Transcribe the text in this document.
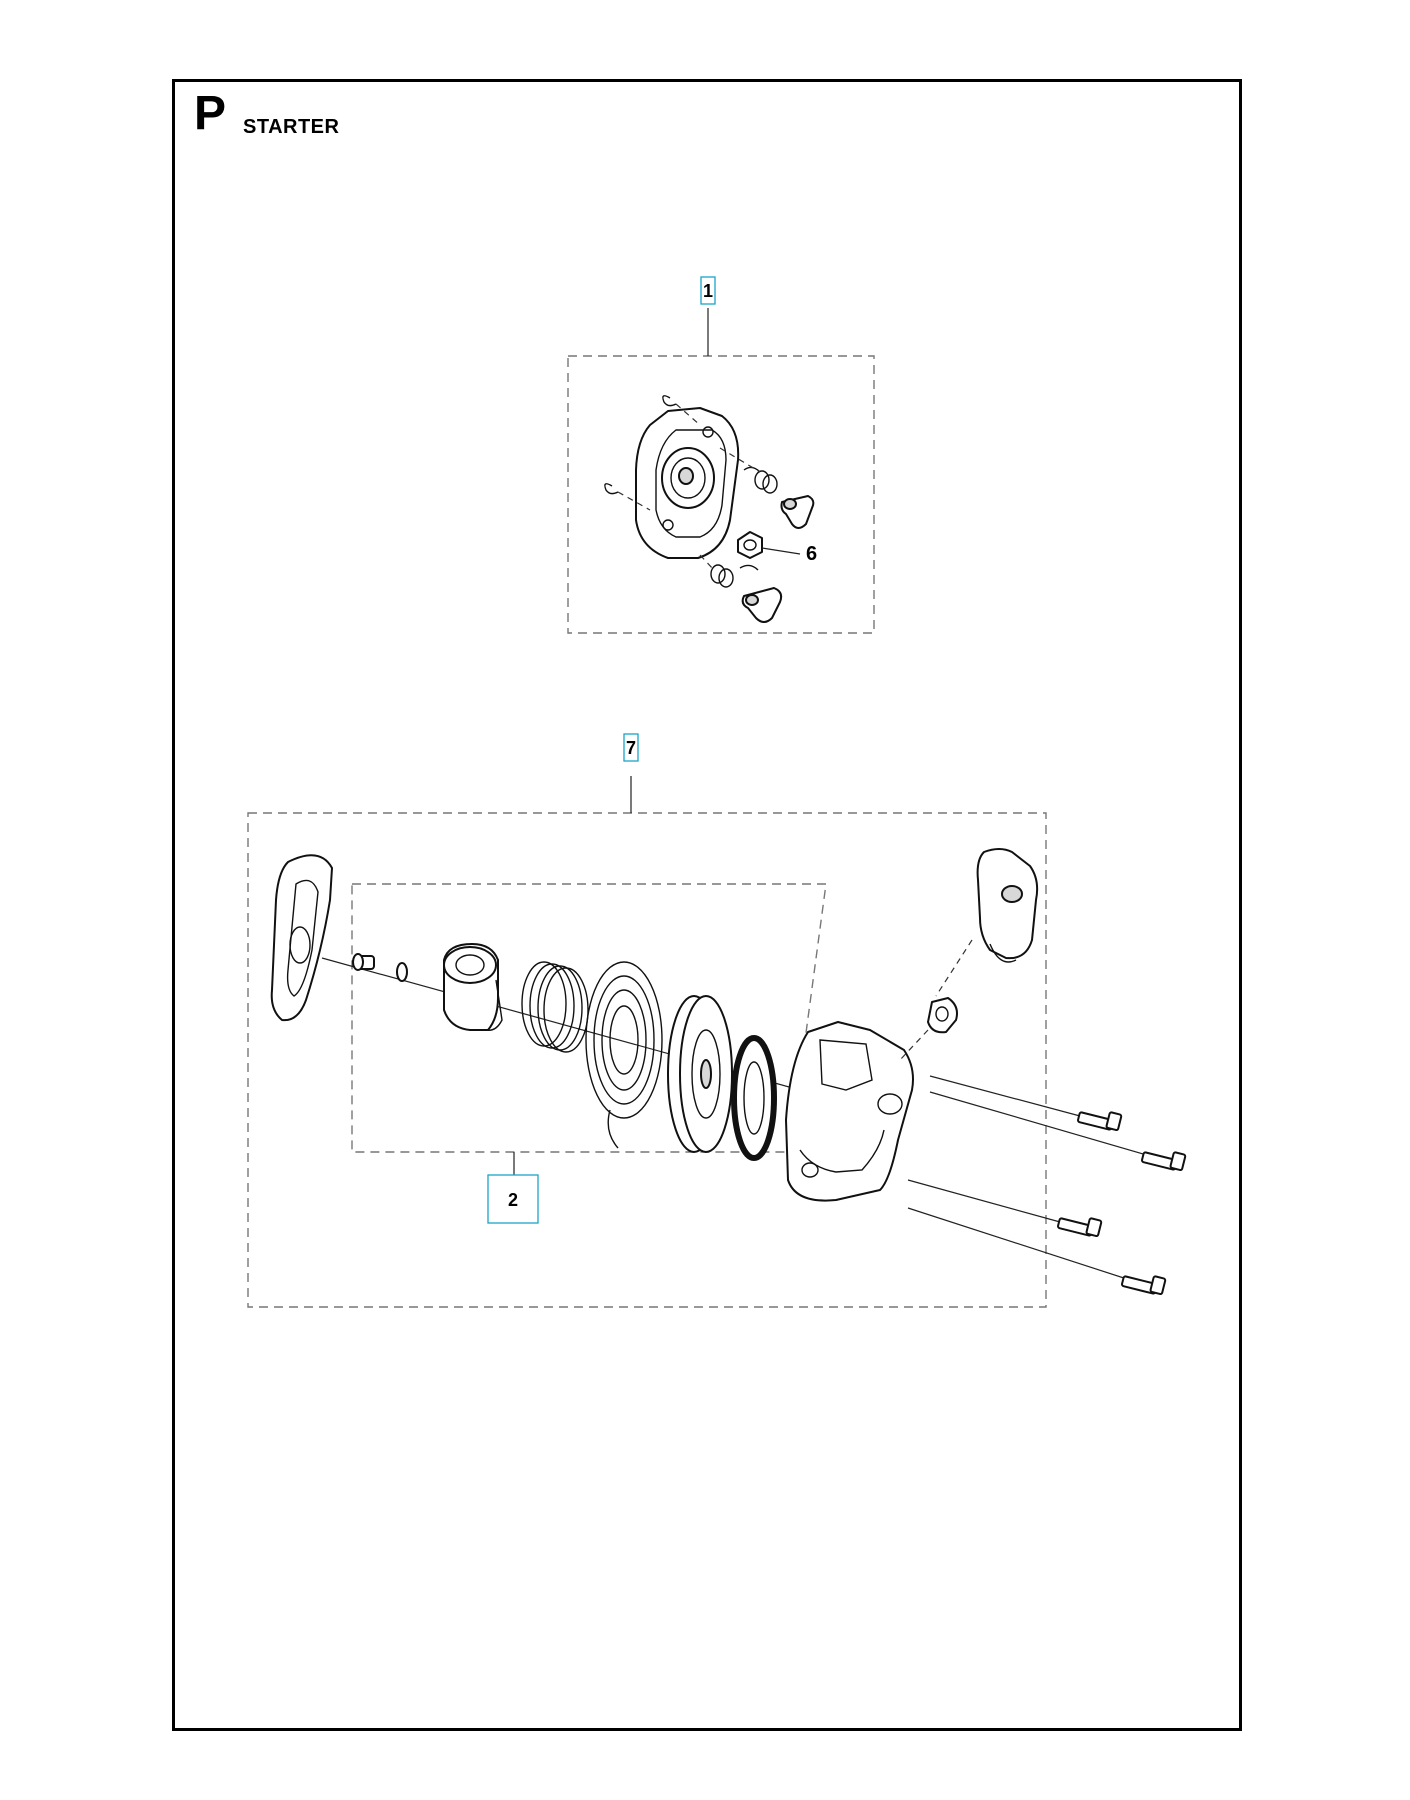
P STARTER
1
6
7
2
